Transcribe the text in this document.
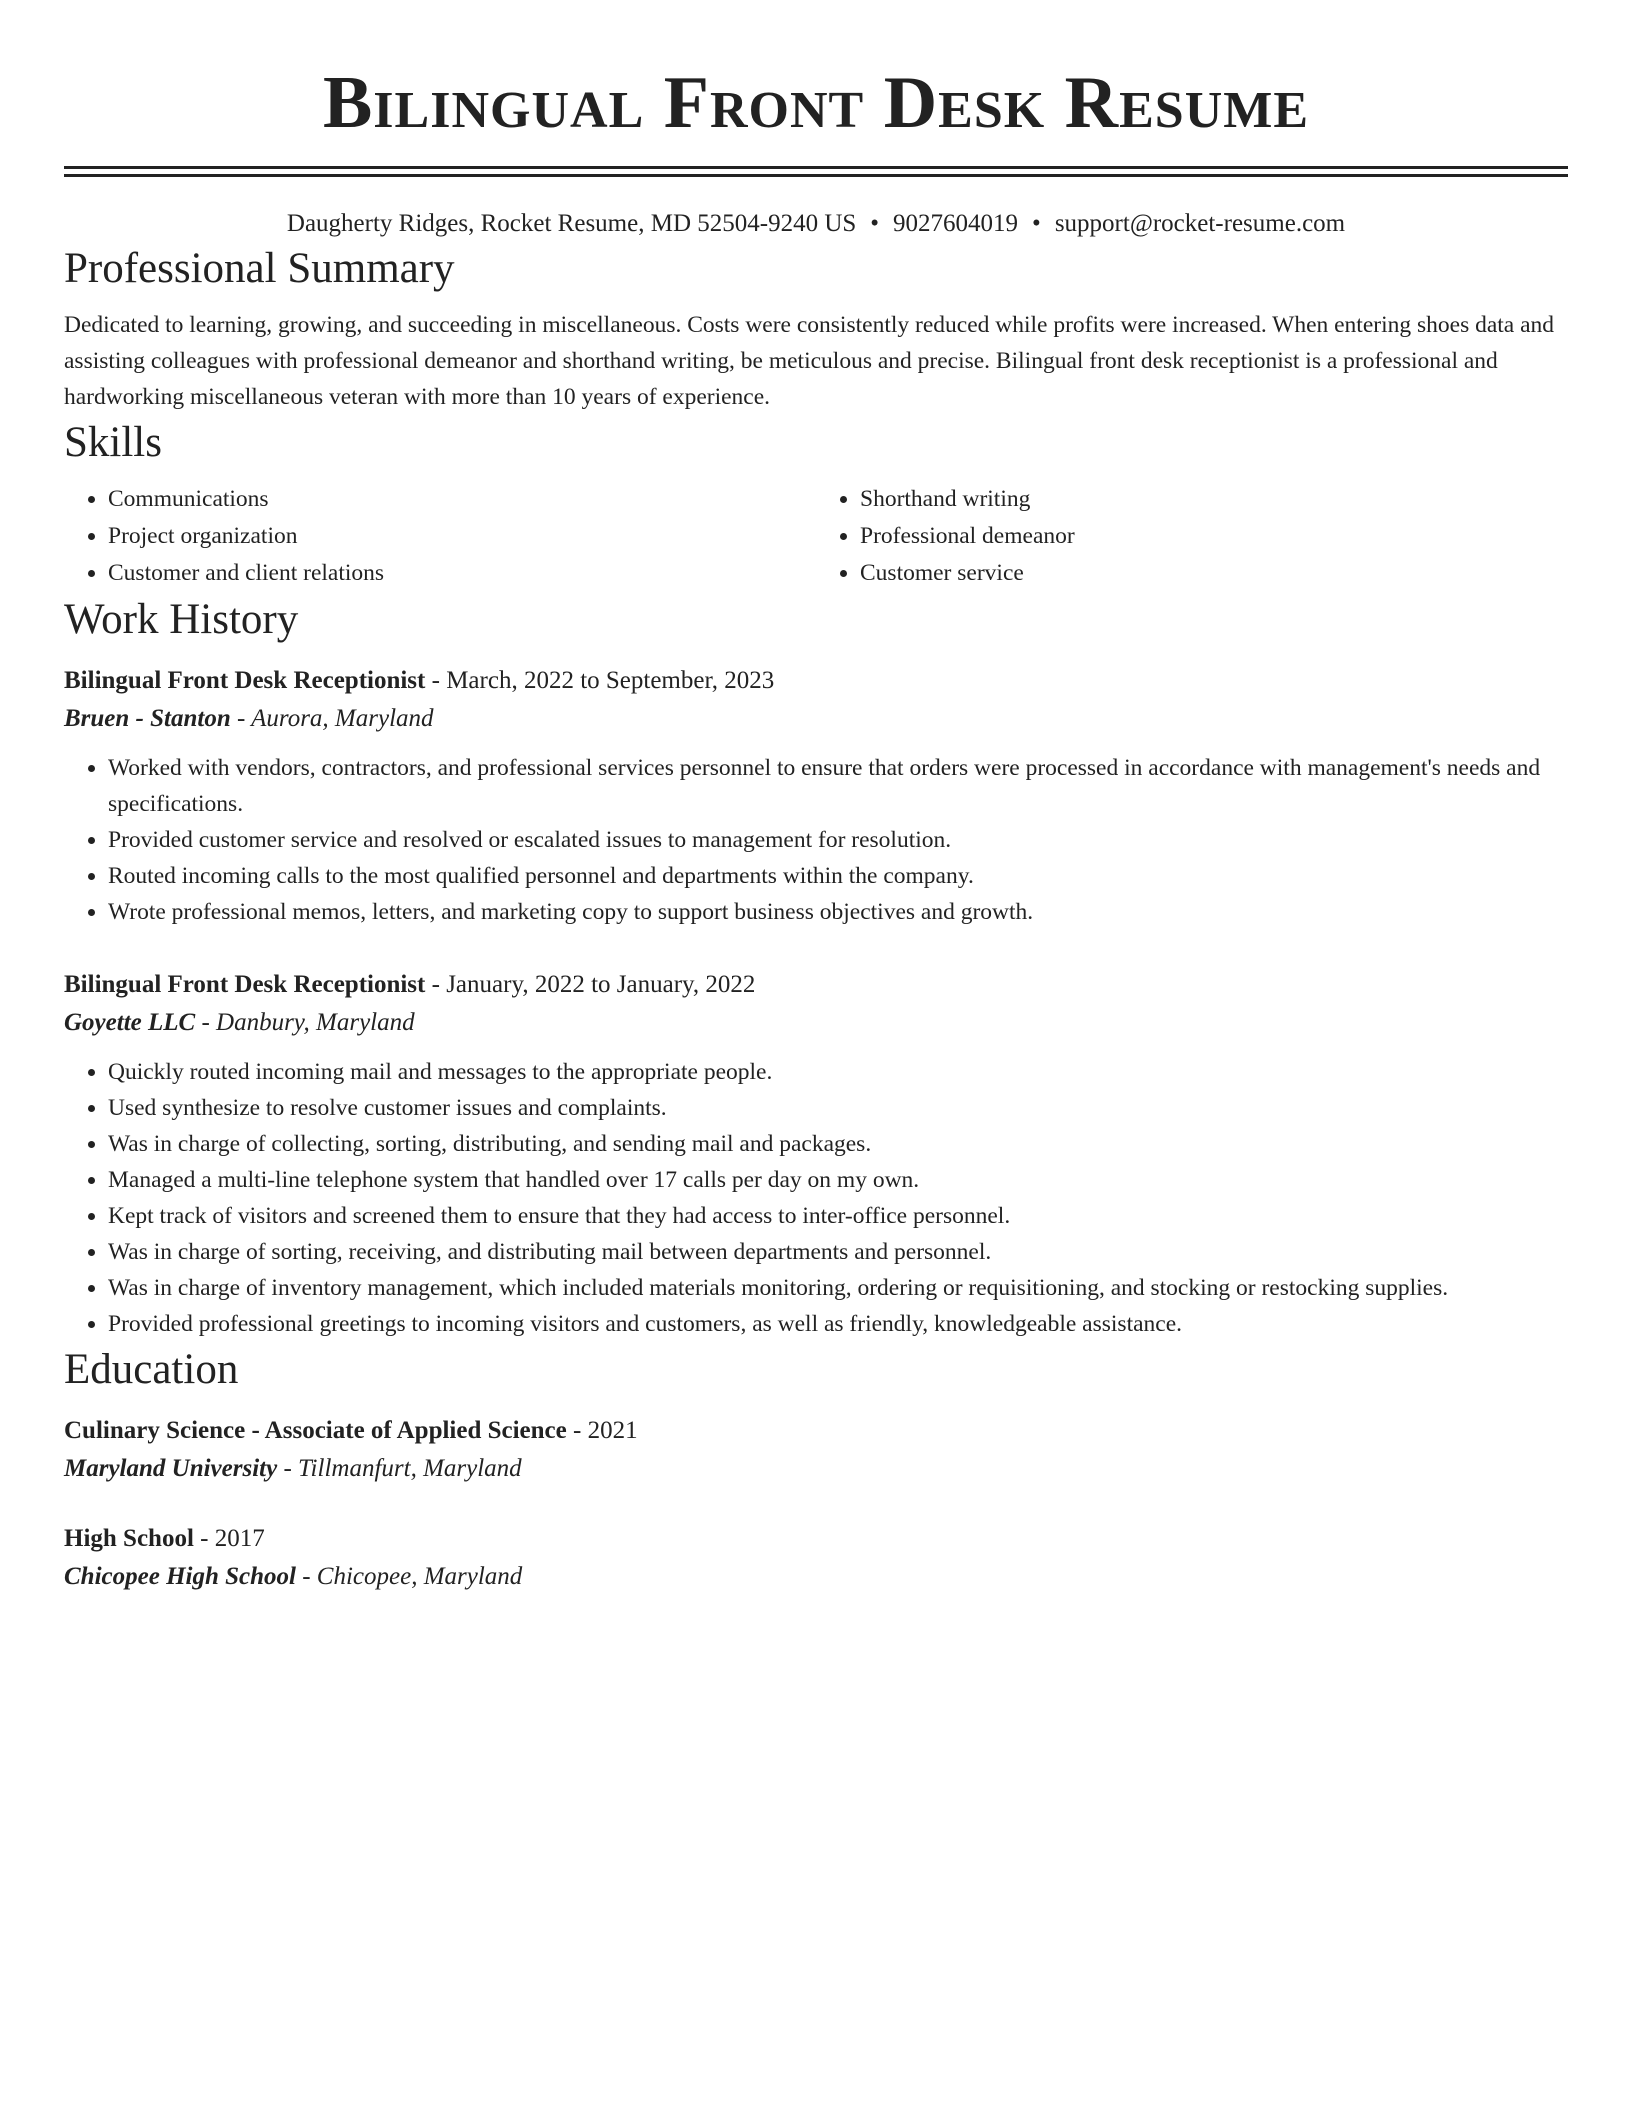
Bilingual Front Desk Resume
Daugherty Ridges, Rocket Resume, MD 52504-9240 US • 9027604019 • support@rocket-resume.com
Professional Summary

Dedicated to learning, growing, and succeeding in miscellaneous. Costs were consistently reduced while profits were increased. When entering shoes data and assisting colleagues with professional demeanor and shorthand writing, be meticulous and precise. Bilingual front desk receptionist is a professional and hardworking miscellaneous veteran with more than 10 years of experience.

Skills
• Communications
• Project organization
• Customer and client relations
• Shorthand writing
• Professional demeanor
• Customer service
Work History
Bilingual Front Desk Receptionist - March, 2022 to September, 2023
Bruen - Stanton - Aurora, Maryland
• Worked with vendors, contractors, and professional services personnel to ensure that orders were processed in accordance with management's needs and specifications.
• Provided customer service and resolved or escalated issues to management for resolution.
• Routed incoming calls to the most qualified personnel and departments within the company.
• Wrote professional memos, letters, and marketing copy to support business objectives and growth.
Bilingual Front Desk Receptionist - January, 2022 to January, 2022
Goyette LLC - Danbury, Maryland
• Quickly routed incoming mail and messages to the appropriate people.
• Used synthesize to resolve customer issues and complaints.
• Was in charge of collecting, sorting, distributing, and sending mail and packages.
• Managed a multi-line telephone system that handled over 17 calls per day on my own.
• Kept track of visitors and screened them to ensure that they had access to inter-office personnel.
• Was in charge of sorting, receiving, and distributing mail between departments and personnel.
• Was in charge of inventory management, which included materials monitoring, ordering or requisitioning, and stocking or restocking supplies.
• Provided professional greetings to incoming visitors and customers, as well as friendly, knowledgeable assistance.
Education
Culinary Science - Associate of Applied Science - 2021
Maryland University - Tillmanfurt, Maryland
High School - 2017
Chicopee High School - Chicopee, Maryland
